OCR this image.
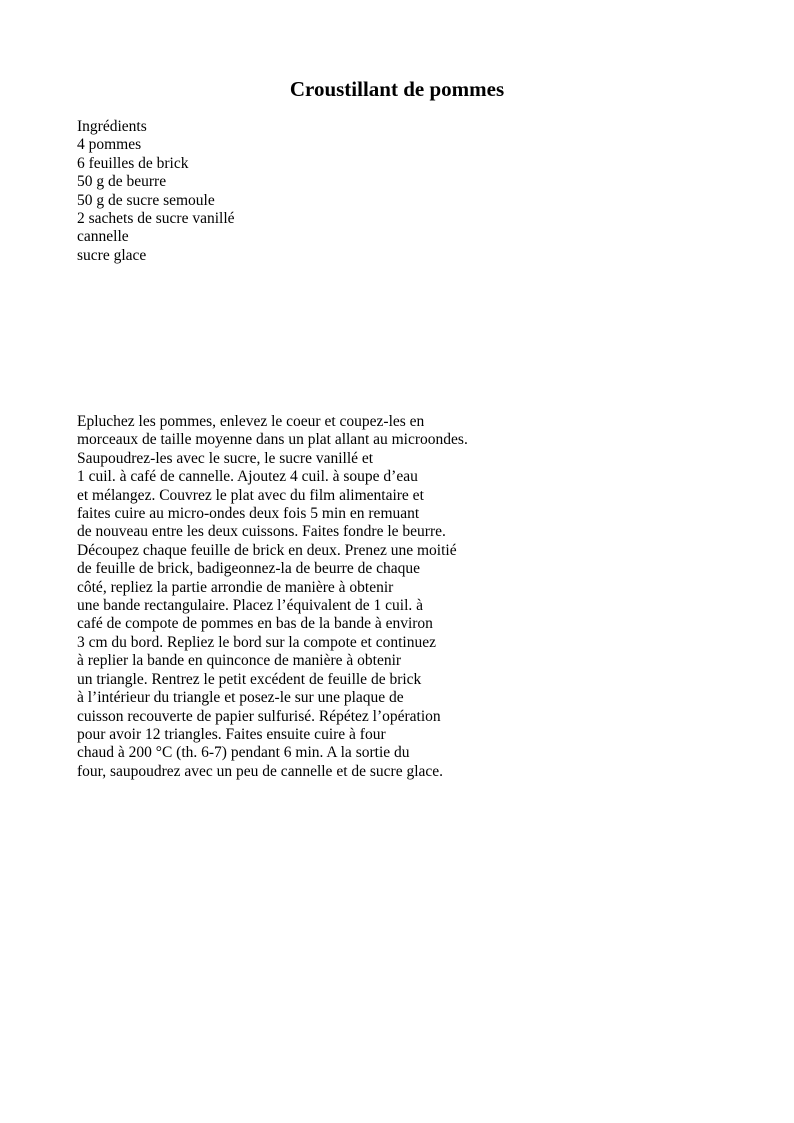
Croustillant de pommes
Ingrédients
4 pommes
6 feuilles de brick
50 g de beurre
50 g de sucre semoule
2 sachets de sucre vanillé
cannelle
sucre glace

Epluchez les pommes, enlevez le coeur et coupez-les en
morceaux de taille moyenne dans un plat allant au microondes.
Saupoudrez-les avec le sucre, le sucre vanillé et
1 cuil. à café de cannelle. Ajoutez 4 cuil. à soupe d’eau
et mélangez. Couvrez le plat avec du film alimentaire et
faites cuire au micro-ondes deux fois 5 min en remuant
de nouveau entre les deux cuissons. Faites fondre le beurre.
Découpez chaque feuille de brick en deux. Prenez une moitié
de feuille de brick, badigeonnez-la de beurre de chaque
côté, repliez la partie arrondie de manière à obtenir
une bande rectangulaire. Placez l’équivalent de 1 cuil. à
café de compote de pommes en bas de la bande à environ
3 cm du bord. Repliez le bord sur la compote et continuez
à replier la bande en quinconce de manière à obtenir
un triangle. Rentrez le petit excédent de feuille de brick
à l’intérieur du triangle et posez-le sur une plaque de
cuisson recouverte de papier sulfurisé. Répétez l’opération
pour avoir 12 triangles. Faites ensuite cuire à four
chaud à 200 °C (th. 6-7) pendant 6 min. A la sortie du
four, saupoudrez avec un peu de cannelle et de sucre glace.
